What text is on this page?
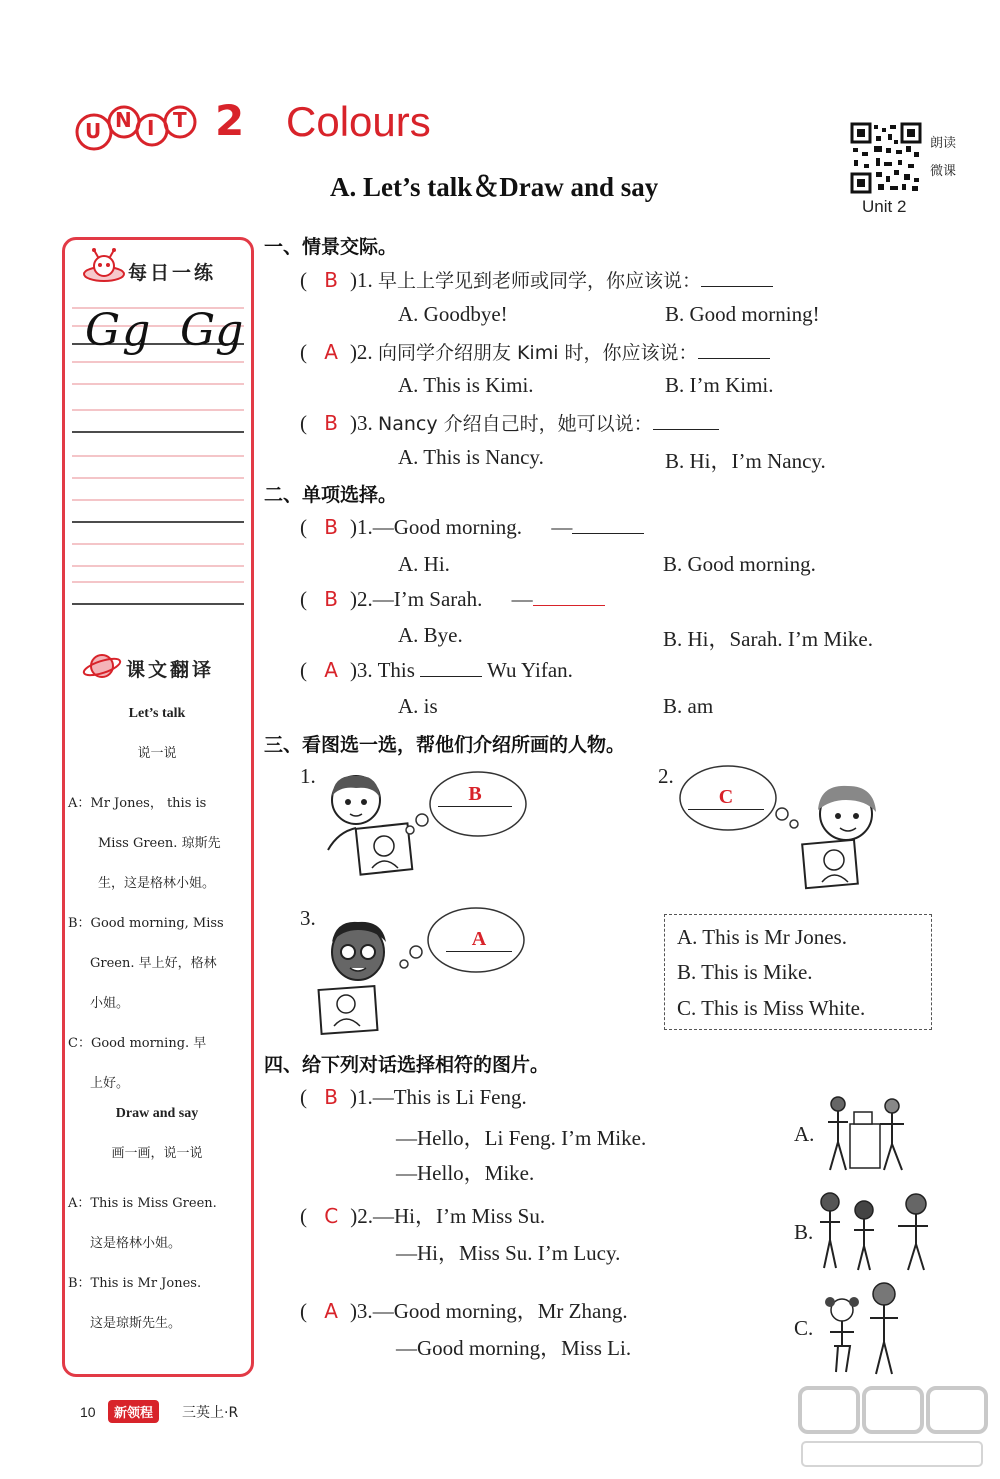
U N I T 2 Colours
A. Let’s talk＆Draw and say
朗读
微课
Unit 2
每日一练
Gg Gg
课文翻译
Let’s talk
说一说
A：Mr Jones， this is
Miss Green. 琼斯先
生，这是格林小姐。
B：Good morning, Miss
Green. 早上好，格林
小姐。
C：Good morning. 早
上好。
Draw and say
画一画，说一说
A：This is Miss Green.
这是格林小姐。
B：This is Mr Jones.
这是琼斯先生。
一、情景交际。
( B )1. 早上上学见到老师或同学，你应该说：
A. Goodbye!	B. Good morning!
( A )2. 向同学介绍朋友 Kimi 时，你应该说：
A. This is Kimi.	B. I’m Kimi.
( B )3. Nancy 介绍自己时，她可以说：
A. This is Nancy.	B. Hi，I’m Nancy.
二、单项选择。
( B )1.—Good morning. —
A. Hi.	B. Good morning.
( B )2.—I’m Sarah. —
A. Bye.	B. Hi，Sarah. I’m Mike.
( A )3. This	Wu Yifan.
A. is	B. am
三、看图选一选，帮他们介绍所画的人物。
1.
B
2.
C
3.
A	A. This is Mr Jones.
B. This is Mike.
C. This is Miss White.
四、给下列对话选择相符的图片。
( B )1.—This is Li Feng.
—Hello，Li Feng. I’m Mike.
—Hello，Mike.
( C )2.—Hi，I’m Miss Su.
—Hi，Miss Su. I’m Lucy.
( A )3.—Good morning，Mr Zhang.
—Good morning，Miss Li.
A.
B.
C.
10	新领程	三英上·R
